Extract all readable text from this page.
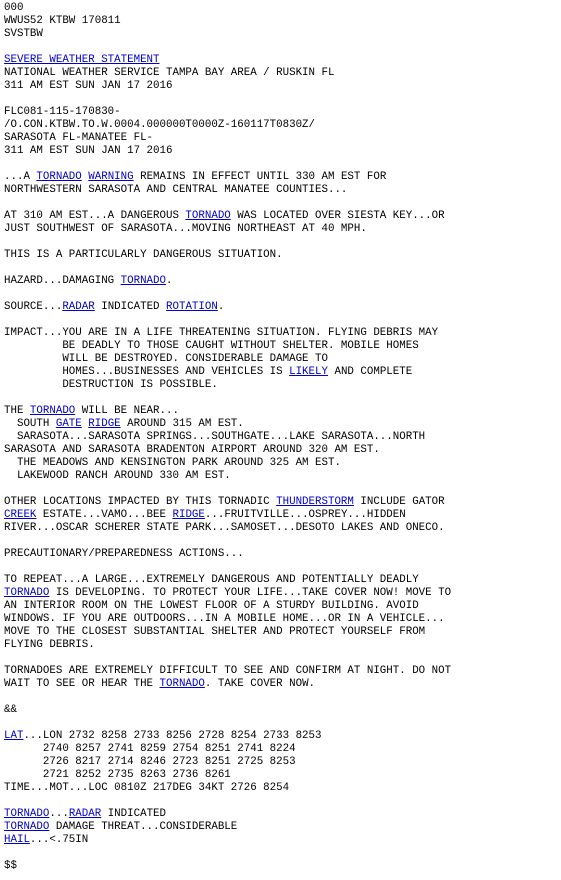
000
WWUS52 KTBW 170811
SVSTBW
SEVERE WEATHER STATEMENT
NATIONAL WEATHER SERVICE TAMPA BAY AREA / RUSKIN FL
311 AM EST SUN JAN 17 2016
FLC081-115-170830-
/O.CON.KTBW.TO.W.0004.000000T0000Z-160117T0830Z/
SARASOTA FL-MANATEE FL-
311 AM EST SUN JAN 17 2016
...A TORNADO WARNING REMAINS IN EFFECT UNTIL 330 AM EST FOR
NORTHWESTERN SARASOTA AND CENTRAL MANATEE COUNTIES...
AT 310 AM EST...A DANGEROUS TORNADO WAS LOCATED OVER SIESTA KEY...OR
JUST SOUTHWEST OF SARASOTA...MOVING NORTHEAST AT 40 MPH.
THIS IS A PARTICULARLY DANGEROUS SITUATION.
HAZARD...DAMAGING TORNADO.
SOURCE...RADAR INDICATED ROTATION.
IMPACT...YOU ARE IN A LIFE THREATENING SITUATION. FLYING DEBRIS MAY
BE DEADLY TO THOSE CAUGHT WITHOUT SHELTER. MOBILE HOMES
WILL BE DESTROYED. CONSIDERABLE DAMAGE TO
HOMES...BUSINESSES AND VEHICLES IS LIKELY AND COMPLETE
DESTRUCTION IS POSSIBLE.
THE TORNADO WILL BE NEAR...
SOUTH GATE RIDGE AROUND 315 AM EST.
SARASOTA...SARASOTA SPRINGS...SOUTHGATE...LAKE SARASOTA...NORTH
SARASOTA AND SARASOTA BRADENTON AIRPORT AROUND 320 AM EST.
THE MEADOWS AND KENSINGTON PARK AROUND 325 AM EST.
LAKEWOOD RANCH AROUND 330 AM EST.
OTHER LOCATIONS IMPACTED BY THIS TORNADIC THUNDERSTORM INCLUDE GATOR
CREEK ESTATE...VAMO...BEE RIDGE...FRUITVILLE...OSPREY...HIDDEN
RIVER...OSCAR SCHERER STATE PARK...SAMOSET...DESOTO LAKES AND ONECO.
PRECAUTIONARY/PREPAREDNESS ACTIONS...
TO REPEAT...A LARGE...EXTREMELY DANGEROUS AND POTENTIALLY DEADLY
TORNADO IS DEVELOPING. TO PROTECT YOUR LIFE...TAKE COVER NOW! MOVE TO
AN INTERIOR ROOM ON THE LOWEST FLOOR OF A STURDY BUILDING. AVOID
WINDOWS. IF YOU ARE OUTDOORS...IN A MOBILE HOME...OR IN A VEHICLE...
MOVE TO THE CLOSEST SUBSTANTIAL SHELTER AND PROTECT YOURSELF FROM
FLYING DEBRIS.
TORNADOES ARE EXTREMELY DIFFICULT TO SEE AND CONFIRM AT NIGHT. DO NOT
WAIT TO SEE OR HEAR THE TORNADO. TAKE COVER NOW.
&&
LAT...LON 2732 8258 2733 8256 2728 8254 2733 8253
2740 8257 2741 8259 2754 8251 2741 8224
2726 8217 2714 8246 2723 8251 2725 8253
2721 8252 2735 8263 2736 8261
TIME...MOT...LOC 0810Z 217DEG 34KT 2726 8254
TORNADO...RADAR INDICATED
TORNADO DAMAGE THREAT...CONSIDERABLE
HAIL...<.75IN
$$
